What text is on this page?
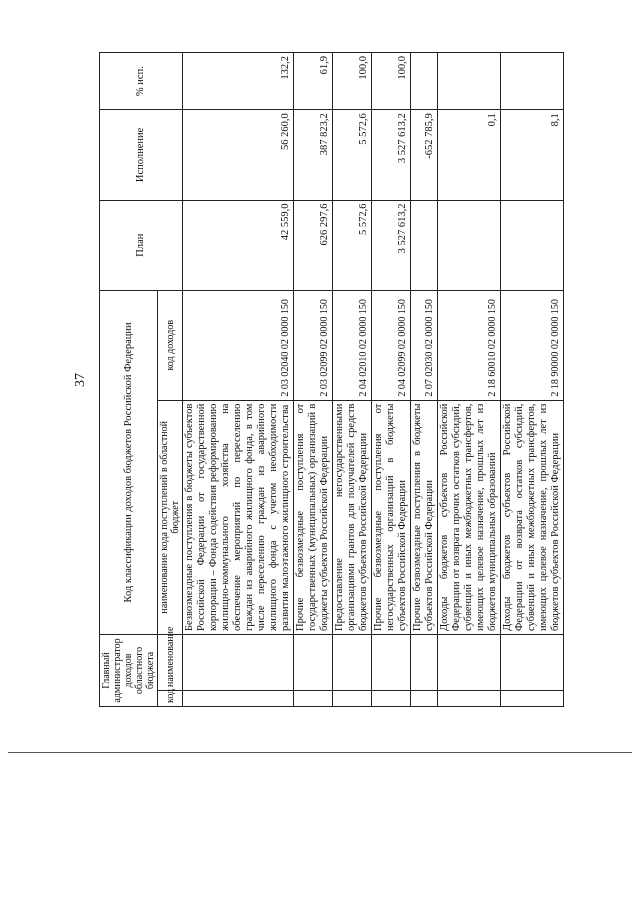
37
Главный администратор доходов областного бюджета		Код классификации доходов бюджетов Российской Федерации		План	Исполнение	% исп.
код	наименование	наименование кода поступлений в областной бюджет	код доходов			
		Безвозмездные поступления в бюджеты субъектов Российской Федерации от государственной корпорации – Фонда содействия реформированию жилищно-коммунального хозяйства на обеспечение мероприятий по переселению граждан из аварийного жилищного фонда, в том числе переселению граждан из аварийного жилищного фонда с учетом необходимости развития малоэтажного жилищного строительства	2 03 02040 02 0000 150	42 559,0	56 260,0	132,2
		Прочие безвозмездные поступления от государственных (муниципальных) организаций в бюджеты субъектов Российской Федерации	2 03 02099 02 0000 150	626 297,6	387 823,2	61,9
		Предоставление негосударственными организациями грантов для получателей средств бюджетов субъектов Российской Федерации	2 04 02010 02 0000 150	5 572,6	5 572,6	100,0
		Прочие безвозмездные поступления от негосударственных организаций в бюджеты субъектов Российской Федерации	2 04 02099 02 0000 150	3 527 613,2	3 527 613,2	100,0
		Прочие безвозмездные поступления в бюджеты субъектов Российской Федерации	2 07 02030 02 0000 150		-652 785,9	
		Доходы бюджетов субъектов Российской Федерации от возврата прочих остатков субсидий, субвенций и иных межбюджетных трансфертов, имеющих целевое назначение, прошлых лет из бюджетов муниципальных образований	2 18 60010 02 0000 150		0,1	
		Доходы бюджетов субъектов Российской Федерации от возврата остатков субсидий, субвенций и иных межбюджетных трансфертов, имеющих целевое назначение, прошлых лет из бюджетов субъектов Российской Федерации	2 18 90000 02 0000 150		8,1	
